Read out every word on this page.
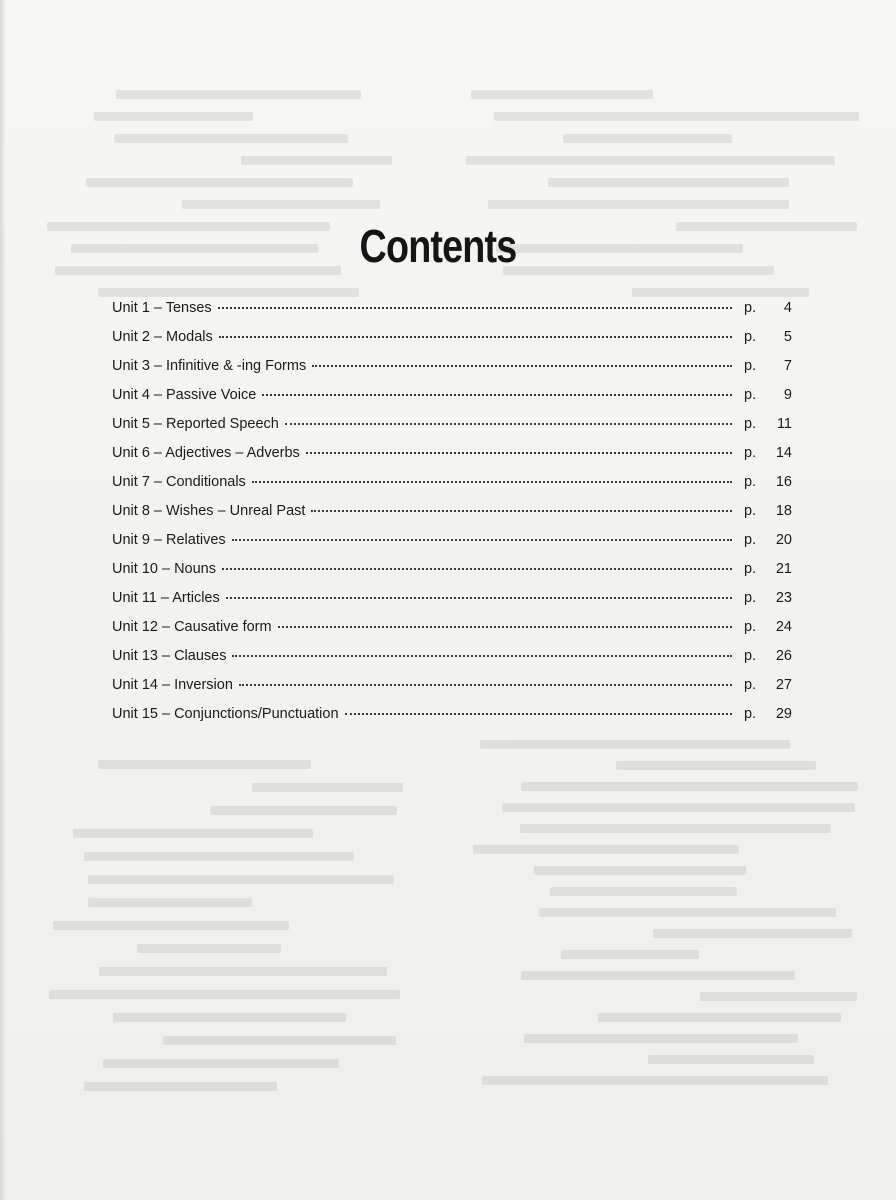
Contents
Unit 1 – Tenses	p. 4
Unit 2 – Modals	p. 5
Unit 3 – Infinitive & -ing Forms	p. 7
Unit 4 – Passive Voice	p. 9
Unit 5 – Reported Speech	p. 11
Unit 6 – Adjectives – Adverbs	p. 14
Unit 7 – Conditionals	p. 16
Unit 8 – Wishes – Unreal Past	p. 18
Unit 9 – Relatives	p. 20
Unit 10 – Nouns	p. 21
Unit 11 – Articles	p. 23
Unit 12 – Causative form	p. 24
Unit 13 – Clauses	p. 26
Unit 14 – Inversion	p. 27
Unit 15 – Conjunctions/Punctuation	p. 29
